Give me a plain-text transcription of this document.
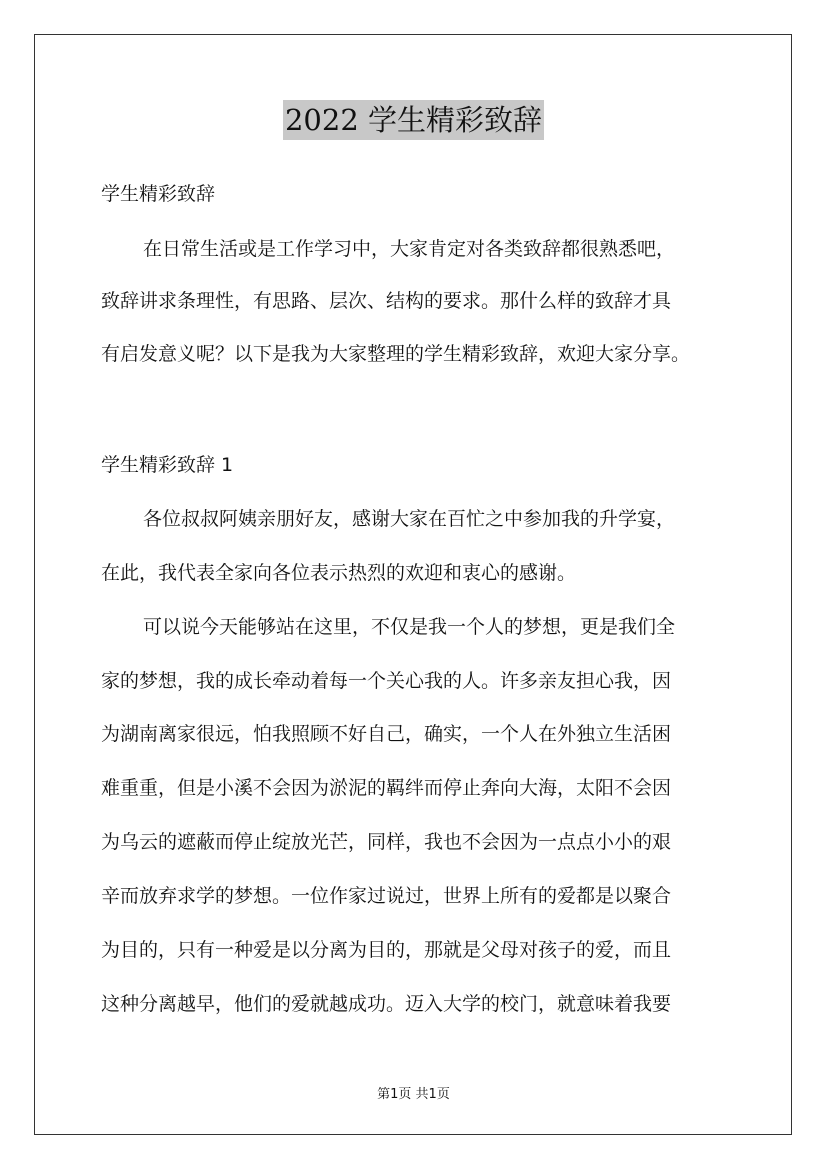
2022 学生精彩致辞
学生精彩致辞
在日常生活或是工作学习中，大家肯定对各类致辞都很熟悉吧，
致辞讲求条理性，有思路、层次、结构的要求。那什么样的致辞才具
有启发意义呢？以下是我为大家整理的学生精彩致辞，欢迎大家分享。
学生精彩致辞 1
各位叔叔阿姨亲朋好友，感谢大家在百忙之中参加我的升学宴，
在此，我代表全家向各位表示热烈的欢迎和衷心的感谢。
可以说今天能够站在这里，不仅是我一个人的梦想，更是我们全
家的梦想，我的成长牵动着每一个关心我的人。许多亲友担心我，因
为湖南离家很远，怕我照顾不好自己，确实，一个人在外独立生活困
难重重，但是小溪不会因为淤泥的羁绊而停止奔向大海，太阳不会因
为乌云的遮蔽而停止绽放光芒，同样，我也不会因为一点点小小的艰
辛而放弃求学的梦想。一位作家过说过，世界上所有的爱都是以聚合
为目的，只有一种爱是以分离为目的，那就是父母对孩子的爱，而且
这种分离越早，他们的爱就越成功。迈入大学的校门，就意味着我要
第1页 共1页
